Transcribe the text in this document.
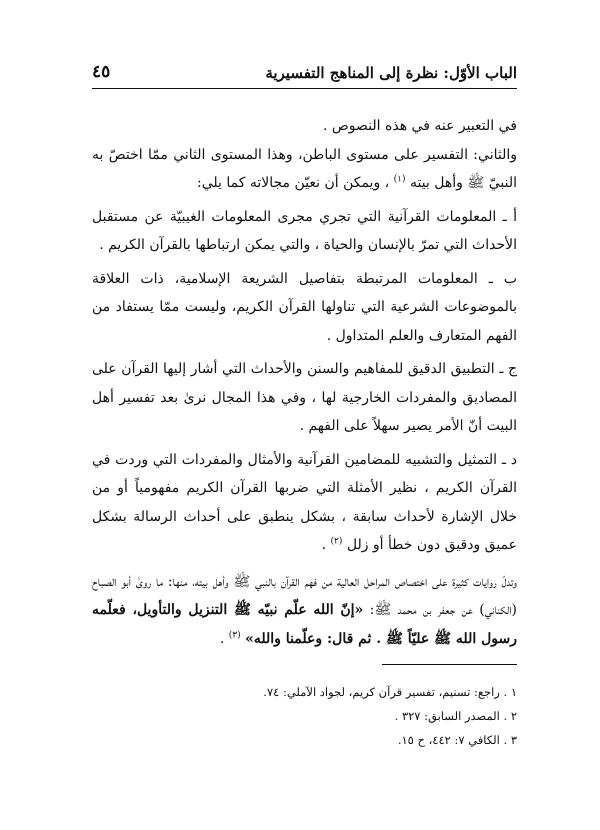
الباب الأوّل: نظرة إلى المناهج التفسيرية
٤٥

في التعبير عنه في هذه النصوص .

والثاني: التفسير على مستوى الباطن، وهذا المستوى الثاني ممّا اختصّ به النبيّ ﷺ وأهل بيته $^{(١)}$ ، ويمكن أن نعيّن مجالاته كما يلي:

أ ـ المعلومات القرآنية التي تجري مجرى المعلومات الغيبيّة عن مستقبل الأحداث التي تمرّ بالإنسان والحياة ، والتي يمكن ارتباطها بالقرآن الكريم .

ب ـ المعلومات المرتبطة بتفاصيل الشريعة الإسلامية، ذات العلاقة بالموضوعات الشرعية التي تناولها القرآن الكريم، وليست ممّا يستفاد من الفهم المتعارف والعلم المتداول .

ج ـ التطبيق الدقيق للمفاهيم والسنن والأحداث التي أشار إليها القرآن على المصاديق والمفردات الخارجية لها ، وفي هذا المجال نرىٰ بعد تفسير أهل البيت أنّ الأمر يصير سهلاً على الفهم .

د ـ التمثيل والتشبيه للمضامين القرآنية والأمثال والمفردات التي وردت في القرآن الكريم ، نظير الأمثلة التي ضربها القرآن الكريم مفهومياً أو من خلال الإشارة لأحداث سابقة ، بشكل ينطبق على أحداث الرسالة بشكل عميق ودقيق دون خطأ أو زلل $^{(٢)}$ .

وتدلّ روايات كثيرة على اختصاص المراحل العالية من فهم القرآن بالنبي ﷺ وأهل بيته، منها: ما روىٰ أبو الصباح (الكناني) عن جعفر بن محمد ﷺ: «إنّ الله علّم نبيّه ﷺ التنزيل والتأويل، فعلّمه رسول الله ﷺ عليّاً ﷺ . ثم قال: وعلّمنا والله» $^{(٣)}$ .

١ . راجع: تسنيم، تفسير قرآن كريم، لجواد الآملي: ٧٤.
٢ . المصدر السابق: ٣٢٧ .
٣ . الكافي ٧: ٤٤٢، ح ١٥.
